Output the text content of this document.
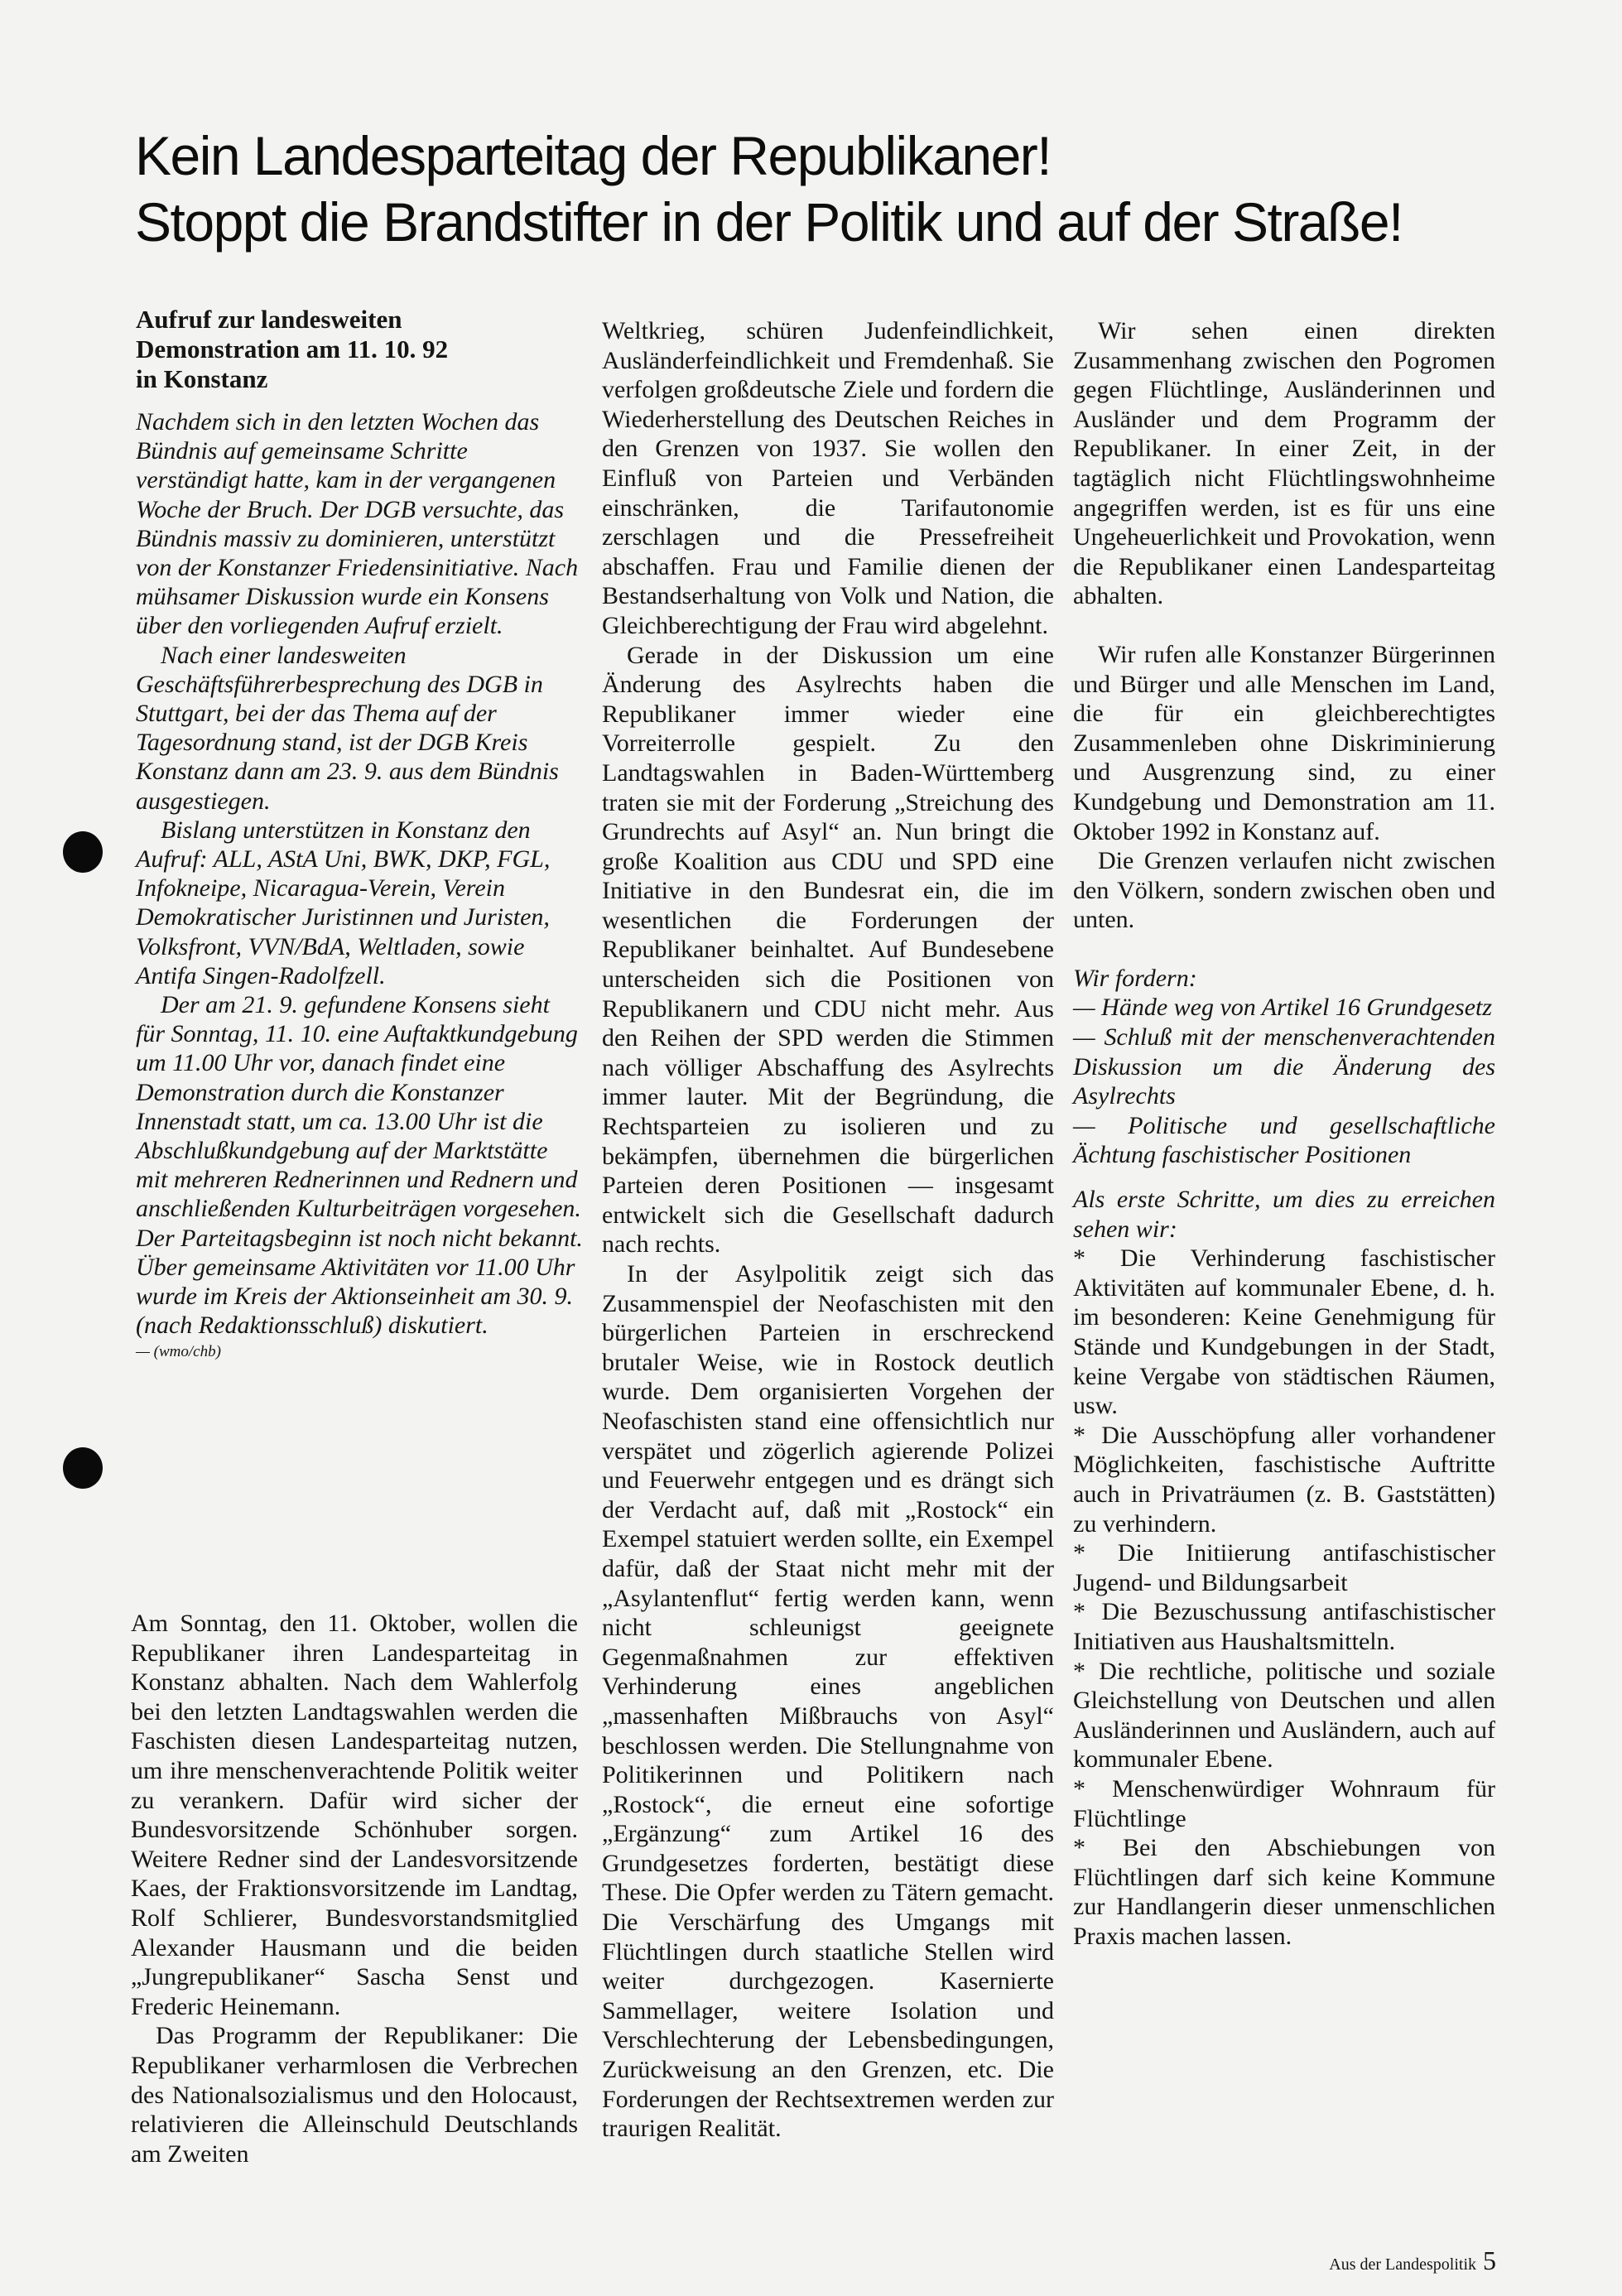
Kein Landesparteitag der Republikaner!
Stoppt die Brandstifter in der Politik und auf der Straße!
Aufruf zur landesweiten
Demonstration am 11. 10. 92
in Konstanz

Nachdem sich in den letzten Wochen das Bündnis auf gemeinsame Schritte verständigt hatte, kam in der vergangenen Woche der Bruch. Der DGB versuchte, das Bündnis massiv zu dominieren, unterstützt von der Konstanzer Friedensinitiative. Nach mühsamer Diskussion wurde ein Konsens über den vorliegenden Aufruf erzielt.

Nach einer landesweiten Geschäftsführerbesprechung des DGB in Stuttgart, bei der das Thema auf der Tagesordnung stand, ist der DGB Kreis Konstanz dann am 23. 9. aus dem Bündnis ausgestiegen.

Bislang unterstützen in Konstanz den Aufruf: ALL, AStA Uni, BWK, DKP, FGL, Infokneipe, Nicaragua-Verein, Verein Demokratischer Juristinnen und Juristen, Volksfront, VVN/BdA, Weltladen, sowie Antifa Singen-Radolfzell.

Der am 21. 9. gefundene Konsens sieht für Sonntag, 11. 10. eine Auftaktkundgebung um 11.00 Uhr vor, danach findet eine Demonstration durch die Konstanzer Innenstadt statt, um ca. 13.00 Uhr ist die Abschlußkundgebung auf der Marktstätte mit mehreren Rednerinnen und Rednern und anschließenden Kulturbeiträgen vorgesehen. Der Parteitagsbeginn ist noch nicht bekannt. Über gemeinsame Aktivitäten vor 11.00 Uhr wurde im Kreis der Aktionseinheit am 30. 9. (nach Redaktionsschluß) diskutiert.

— (wmo/chb)

Am Sonntag, den 11. Oktober, wollen die Republikaner ihren Landesparteitag in Konstanz abhalten. Nach dem Wahlerfolg bei den letzten Landtagswahlen werden die Faschisten diesen Landesparteitag nutzen, um ihre menschenverachtende Politik weiter zu verankern. Dafür wird sicher der Bundesvorsitzende Schönhuber sorgen. Weitere Redner sind der Landesvorsitzende Kaes, der Fraktionsvorsitzende im Landtag, Rolf Schlierer, Bundesvorstandsmitglied Alexander Hausmann und die beiden „Jungrepublikaner“ Sascha Senst und Frederic Heinemann.

Das Programm der Republikaner: Die Republikaner verharmlosen die Verbrechen des Nationalsozialismus und den Holocaust, relativieren die Alleinschuld Deutschlands am Zweiten

Weltkrieg, schüren Judenfeindlichkeit, Ausländerfeindlichkeit und Fremdenhaß. Sie verfolgen großdeutsche Ziele und fordern die Wiederherstellung des Deutschen Reiches in den Grenzen von 1937. Sie wollen den Einfluß von Parteien und Verbänden einschränken, die Tarifautonomie zerschlagen und die Pressefreiheit abschaffen. Frau und Familie dienen der Bestandserhaltung von Volk und Nation, die Gleichberechtigung der Frau wird abgelehnt.

Gerade in der Diskussion um eine Änderung des Asylrechts haben die Republikaner immer wieder eine Vorreiterrolle gespielt. Zu den Landtagswahlen in Baden-Württemberg traten sie mit der Forderung „Streichung des Grundrechts auf Asyl“ an. Nun bringt die große Koalition aus CDU und SPD eine Initiative in den Bundesrat ein, die im wesentlichen die Forderungen der Republikaner beinhaltet. Auf Bundesebene unterscheiden sich die Positionen von Republikanern und CDU nicht mehr. Aus den Reihen der SPD werden die Stimmen nach völliger Abschaffung des Asylrechts immer lauter. Mit der Begründung, die Rechtsparteien zu isolieren und zu bekämpfen, übernehmen die bürgerlichen Parteien deren Positionen — insgesamt entwickelt sich die Gesellschaft dadurch nach rechts.

In der Asylpolitik zeigt sich das Zusammenspiel der Neofaschisten mit den bürgerlichen Parteien in erschreckend brutaler Weise, wie in Rostock deutlich wurde. Dem organisierten Vorgehen der Neofaschisten stand eine offensichtlich nur verspätet und zögerlich agierende Polizei und Feuerwehr entgegen und es drängt sich der Verdacht auf, daß mit „Rostock“ ein Exempel statuiert werden sollte, ein Exempel dafür, daß der Staat nicht mehr mit der „Asylantenflut“ fertig werden kann, wenn nicht schleunigst geeignete Gegenmaßnahmen zur effektiven Verhinderung eines angeblichen „massenhaften Mißbrauchs von Asyl“ beschlossen werden. Die Stellungnahme von Politikerinnen und Politikern nach „Rostock“, die erneut eine sofortige „Ergänzung“ zum Artikel 16 des Grundgesetzes forderten, bestätigt diese These. Die Opfer werden zu Tätern gemacht. Die Verschärfung des Umgangs mit Flüchtlingen durch staatliche Stellen wird weiter durchgezogen. Kasernierte Sammellager, weitere Isolation und Verschlechterung der Lebensbedingungen, Zurückweisung an den Grenzen, etc. Die Forderungen der Rechtsextremen werden zur traurigen Realität.

Wir sehen einen direkten Zusammenhang zwischen den Pogromen gegen Flüchtlinge, Ausländerinnen und Ausländer und dem Programm der Republikaner. In einer Zeit, in der tagtäglich nicht Flüchtlingswohnheime angegriffen werden, ist es für uns eine Ungeheuerlichkeit und Provokation, wenn die Republikaner einen Landesparteitag abhalten.

Wir rufen alle Konstanzer Bürgerinnen und Bürger und alle Menschen im Land, die für ein gleichberechtigtes Zusammenleben ohne Diskriminierung und Ausgrenzung sind, zu einer Kundgebung und Demonstration am 11. Oktober 1992 in Konstanz auf.

Die Grenzen verlaufen nicht zwischen den Völkern, sondern zwischen oben und unten.

Wir fordern:

— Hände weg von Artikel 16 Grundgesetz

— Schluß mit der menschenverachtenden Diskussion um die Änderung des Asylrechts

— Politische und gesellschaftliche Ächtung faschistischer Positionen

Als erste Schritte, um dies zu erreichen sehen wir:

* Die Verhinderung faschistischer Aktivitäten auf kommunaler Ebene, d. h. im besonderen: Keine Genehmigung für Stände und Kundgebungen in der Stadt, keine Vergabe von städtischen Räumen, usw.

* Die Ausschöpfung aller vorhandener Möglichkeiten, faschistische Auftritte auch in Privaträumen (z. B. Gaststätten) zu verhindern.

* Die Initiierung antifaschistischer Jugend- und Bildungsarbeit

* Die Bezuschussung antifaschistischer Initiativen aus Haushaltsmitteln.

* Die rechtliche, politische und soziale Gleichstellung von Deutschen und allen Ausländerinnen und Ausländern, auch auf kommunaler Ebene.

* Menschenwürdiger Wohnraum für Flüchtlinge

* Bei den Abschiebungen von Flüchtlingen darf sich keine Kommune zur Handlangerin dieser unmenschlichen Praxis machen lassen.

Aus der Landespolitik 5
